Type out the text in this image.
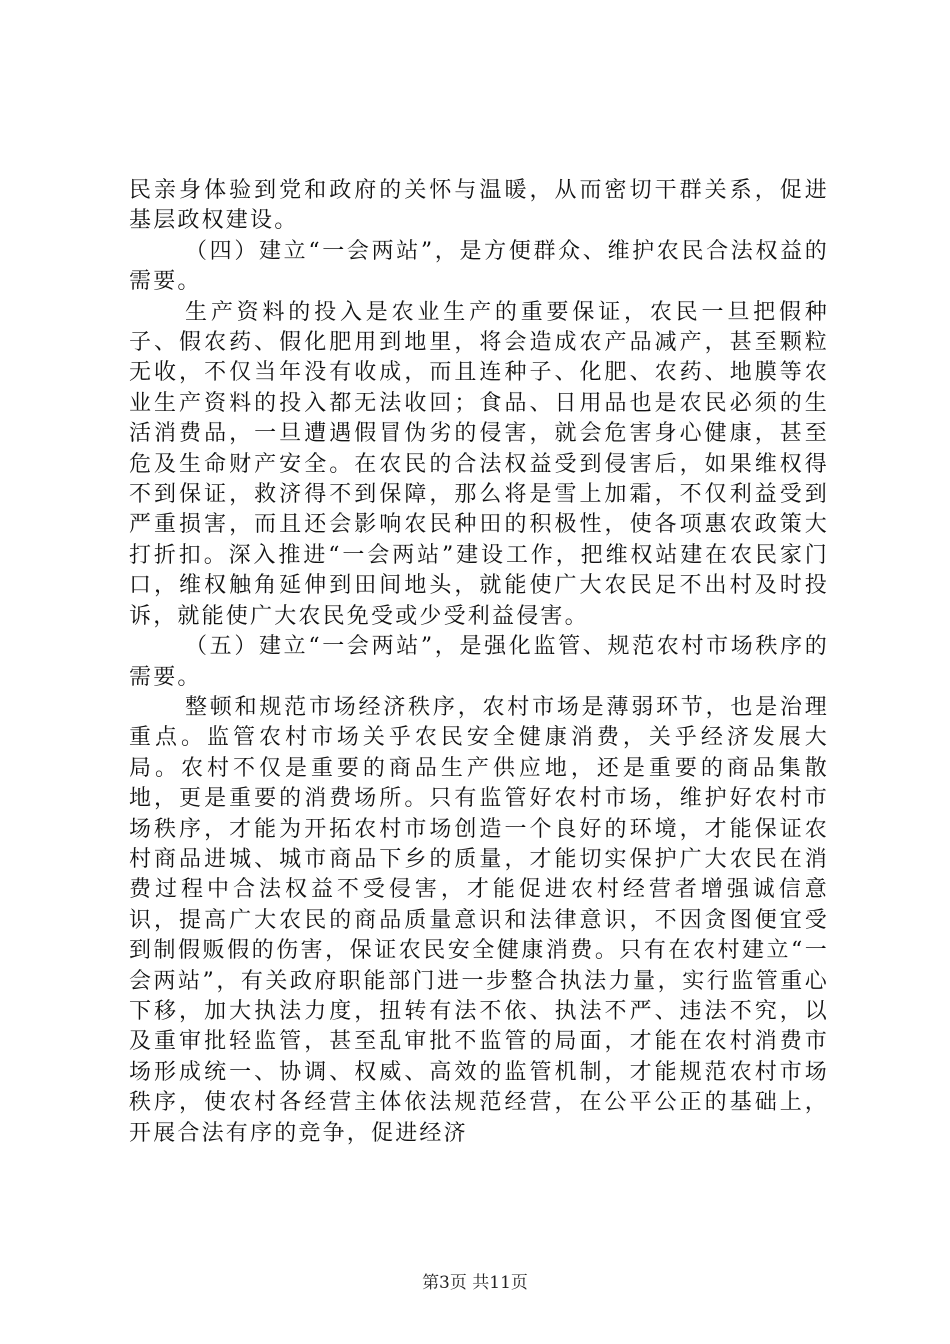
民亲身体验到党和政府的关怀与温暖，从而密切干群关系，促进基层政权建设。

（四）建立“一会两站”，是方便群众、维护农民合法权益的需要。

生产资料的投入是农业生产的重要保证，农民一旦把假种子、假农药、假化肥用到地里，将会造成农产品减产，甚至颗粒无收，不仅当年没有收成，而且连种子、化肥、农药、地膜等农业生产资料的投入都无法收回；食品、日用品也是农民必须的生活消费品，一旦遭遇假冒伪劣的侵害，就会危害身心健康，甚至危及生命财产安全。在农民的合法权益受到侵害后，如果维权得不到保证，救济得不到保障，那么将是雪上加霜，不仅利益受到严重损害，而且还会影响农民种田的积极性，使各项惠农政策大打折扣。深入推进“一会两站”建设工作，把维权站建在农民家门口，维权触角延伸到田间地头，就能使广大农民足不出村及时投诉，就能使广大农民免受或少受利益侵害。

（五）建立“一会两站”，是强化监管、规范农村市场秩序的需要。

整顿和规范市场经济秩序，农村市场是薄弱环节，也是治理重点。监管农村市场关乎农民安全健康消费，关乎经济发展大局。农村不仅是重要的商品生产供应地，还是重要的商品集散地，更是重要的消费场所。只有监管好农村市场，维护好农村市场秩序，才能为开拓农村市场创造一个良好的环境，才能保证农村商品进城、城市商品下乡的质量，才能切实保护广大农民在消费过程中合法权益不受侵害，才能促进农村经营者增强诚信意识，提高广大农民的商品质量意识和法律意识，不因贪图便宜受到制假贩假的伤害，保证农民安全健康消费。只有在农村建立“一会两站”，有关政府职能部门进一步整合执法力量，实行监管重心下移，加大执法力度，扭转有法不依、执法不严、违法不究，以及重审批轻监管，甚至乱审批不监管的局面，才能在农村消费市场形成统一、协调、权威、高效的监管机制，才能规范农村市场秩序，使农村各经营主体依法规范经营，在公平公正的基础上，开展合法有序的竞争，促进经济

第3页 共11页
